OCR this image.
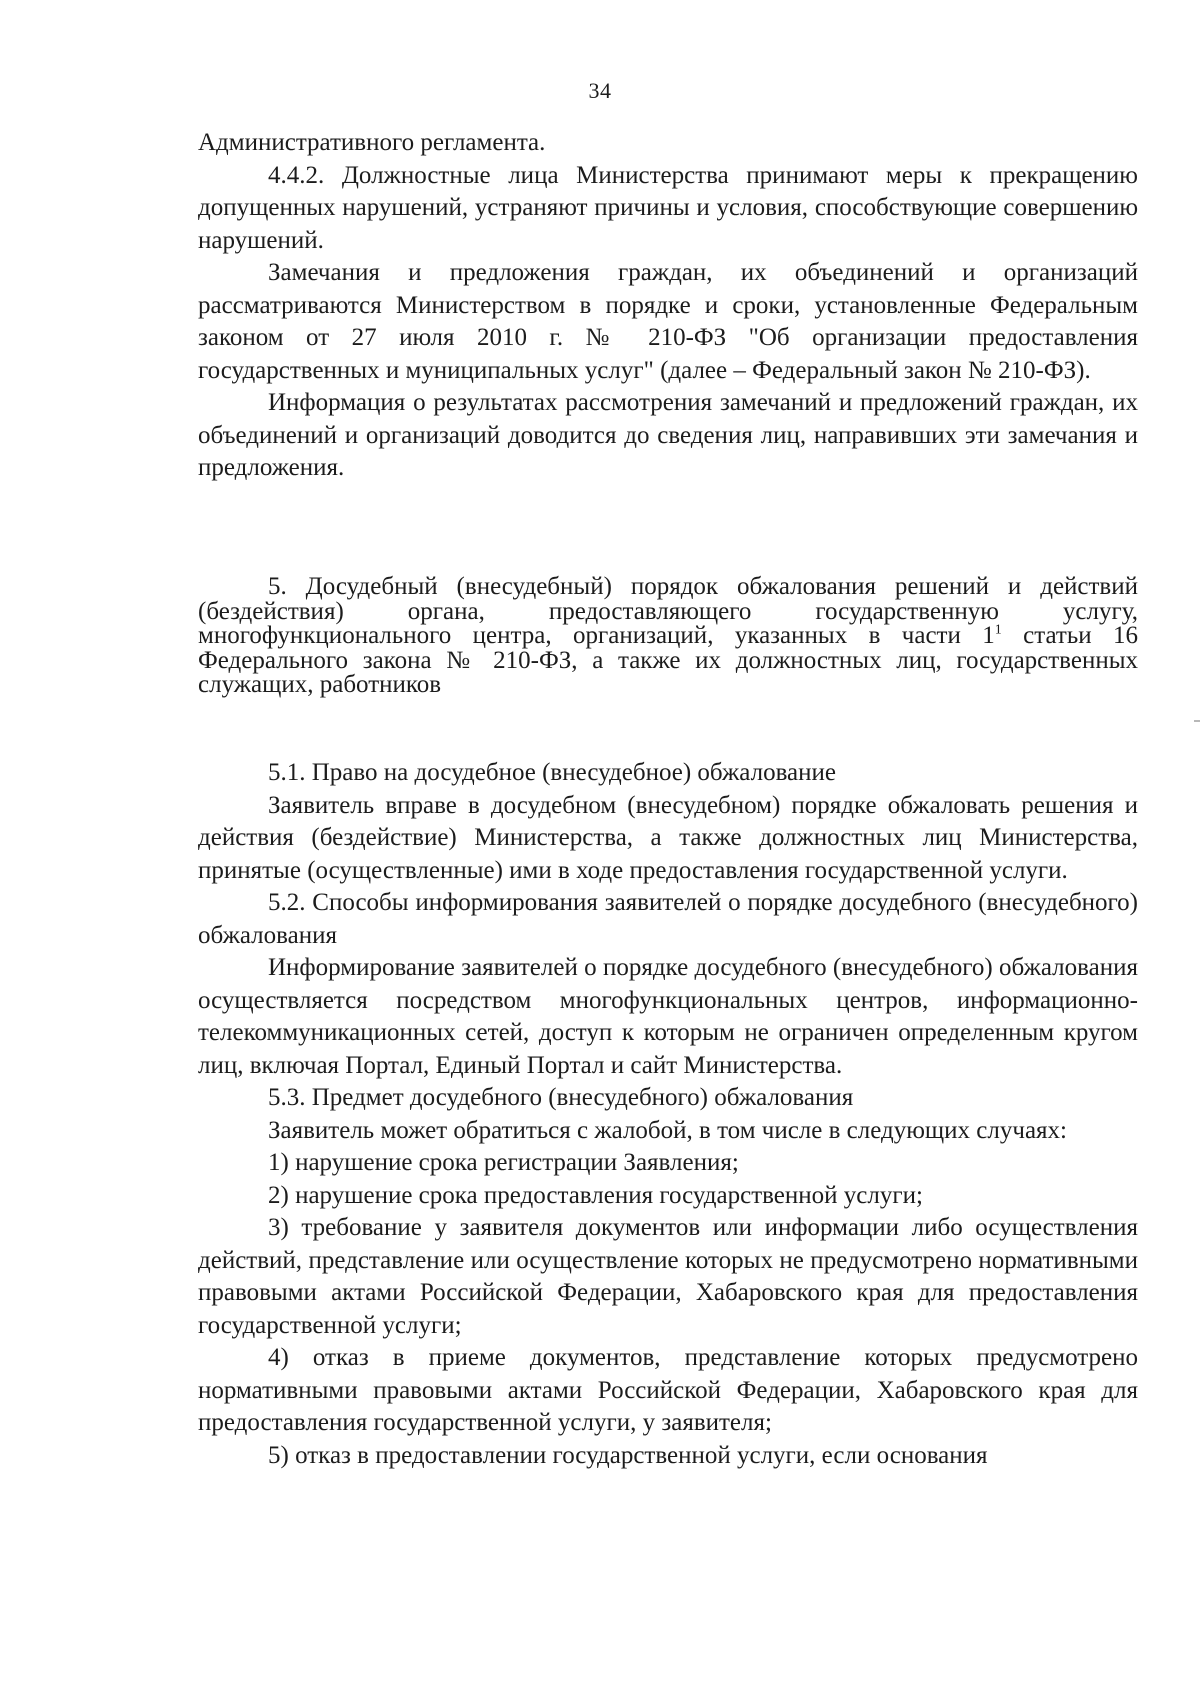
34

Административного регламента.

4.4.2. Должностные лица Министерства принимают меры к прекращению допущенных нарушений, устраняют причины и условия, способствующие совершению нарушений.

Замечания и предложения граждан, их объединений и организаций рассматриваются Министерством в порядке и сроки, установленные Федеральным законом от 27 июля 2010 г. № 210-ФЗ "Об организации предоставления государственных и муниципальных услуг" (далее – Федеральный закон № 210-ФЗ).

Информация о результатах рассмотрения замечаний и предложений граждан, их объединений и организаций доводится до сведения лиц, направивших эти замечания и предложения.

5. Досудебный (внесудебный) порядок обжалования решений и действий (бездействия) органа, предоставляющего государственную услугу, многофункционального центра, организаций, указанных в части $1^1$ статьи 16 Федерального закона № 210-ФЗ, а также их должностных лиц, государственных служащих, работников

5.1. Право на досудебное (внесудебное) обжалование

Заявитель вправе в досудебном (внесудебном) порядке обжаловать решения и действия (бездействие) Министерства, а также должностных лиц Министерства, принятые (осуществленные) ими в ходе предоставления государственной услуги.

5.2. Способы информирования заявителей о порядке досудебного (внесудебного) обжалования

Информирование заявителей о порядке досудебного (внесудебного) обжалования осуществляется посредством многофункциональных центров, информационно-телекоммуникационных сетей, доступ к которым не ограничен определенным кругом лиц, включая Портал, Единый Портал и сайт Министерства.

5.3. Предмет досудебного (внесудебного) обжалования

Заявитель может обратиться с жалобой, в том числе в следующих случаях:

1) нарушение срока регистрации Заявления;

2) нарушение срока предоставления государственной услуги;

3) требование у заявителя документов или информации либо осуществления действий, представление или осуществление которых не предусмотрено нормативными правовыми актами Российской Федерации, Хабаровского края для предоставления государственной услуги;

4) отказ в приеме документов, представление которых предусмотрено нормативными правовыми актами Российской Федерации, Хабаровского края для предоставления государственной услуги, у заявителя;

5) отказ в предоставлении государственной услуги, если основания
